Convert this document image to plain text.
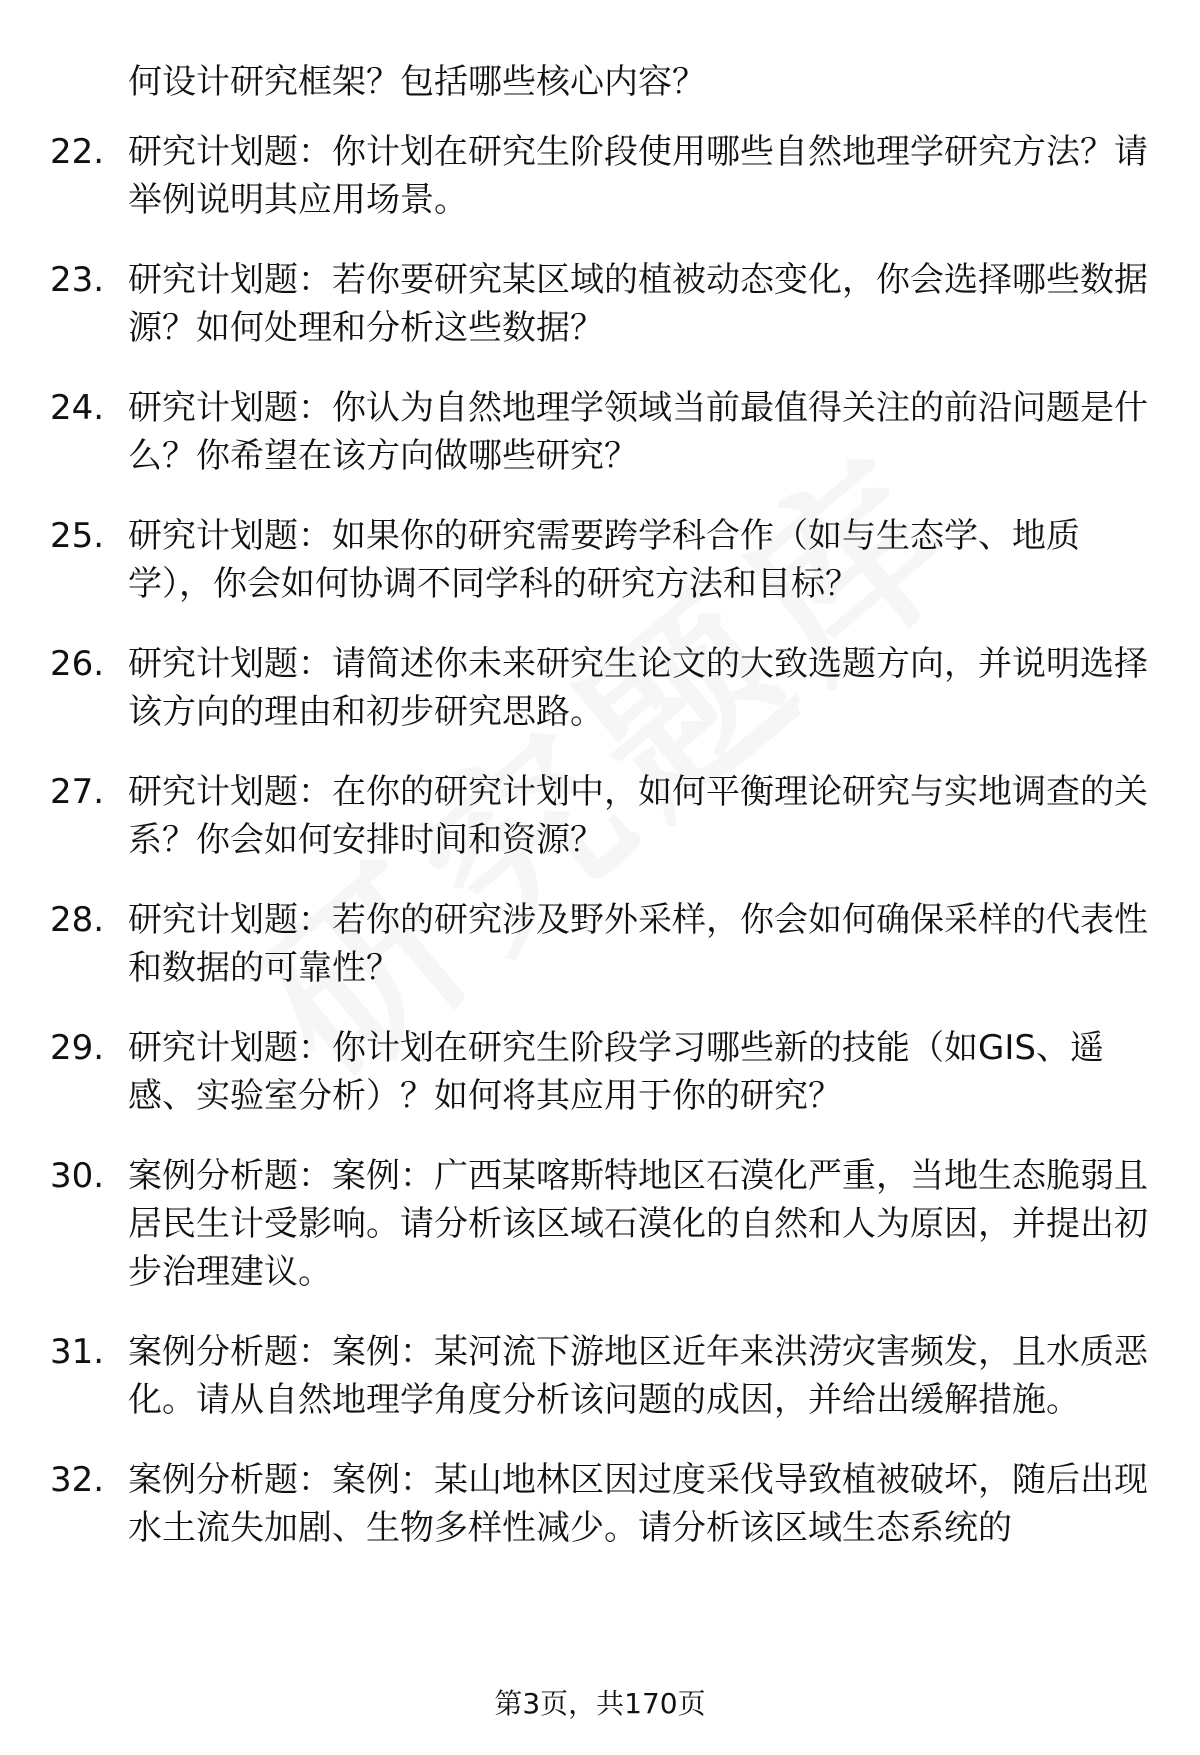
何设计研究框架？包括哪些核心内容？
22. 研究计划题：你计划在研究生阶段使用哪些自然地理学研究方法？请举例说明其应用场景。
23. 研究计划题：若你要研究某区域的植被动态变化，你会选择哪些数据源？如何处理和分析这些数据？
24. 研究计划题：你认为自然地理学领域当前最值得关注的前沿问题是什么？你希望在该方向做哪些研究？
25. 研究计划题：如果你的研究需要跨学科合作（如与生态学、地质学），你会如何协调不同学科的研究方法和目标？
26. 研究计划题：请简述你未来研究生论文的大致选题方向，并说明选择该方向的理由和初步研究思路。
27. 研究计划题：在你的研究计划中，如何平衡理论研究与实地调查的关系？你会如何安排时间和资源？
28. 研究计划题：若你的研究涉及野外采样，你会如何确保采样的代表性和数据的可靠性？
29. 研究计划题：你计划在研究生阶段学习哪些新的技能（如GIS、遥感、实验室分析）？如何将其应用于你的研究？
30. 案例分析题：案例：广西某喀斯特地区石漠化严重，当地生态脆弱且居民生计受影响。请分析该区域石漠化的自然和人为原因，并提出初步治理建议。
31. 案例分析题：案例：某河流下游地区近年来洪涝灾害频发，且水质恶化。请从自然地理学角度分析该问题的成因，并给出缓解措施。
32. 案例分析题：案例：某山地林区因过度采伐导致植被破坏，随后出现水土流失加剧、生物多样性减少。请分析该区域生态系统的
第3页，共170页
